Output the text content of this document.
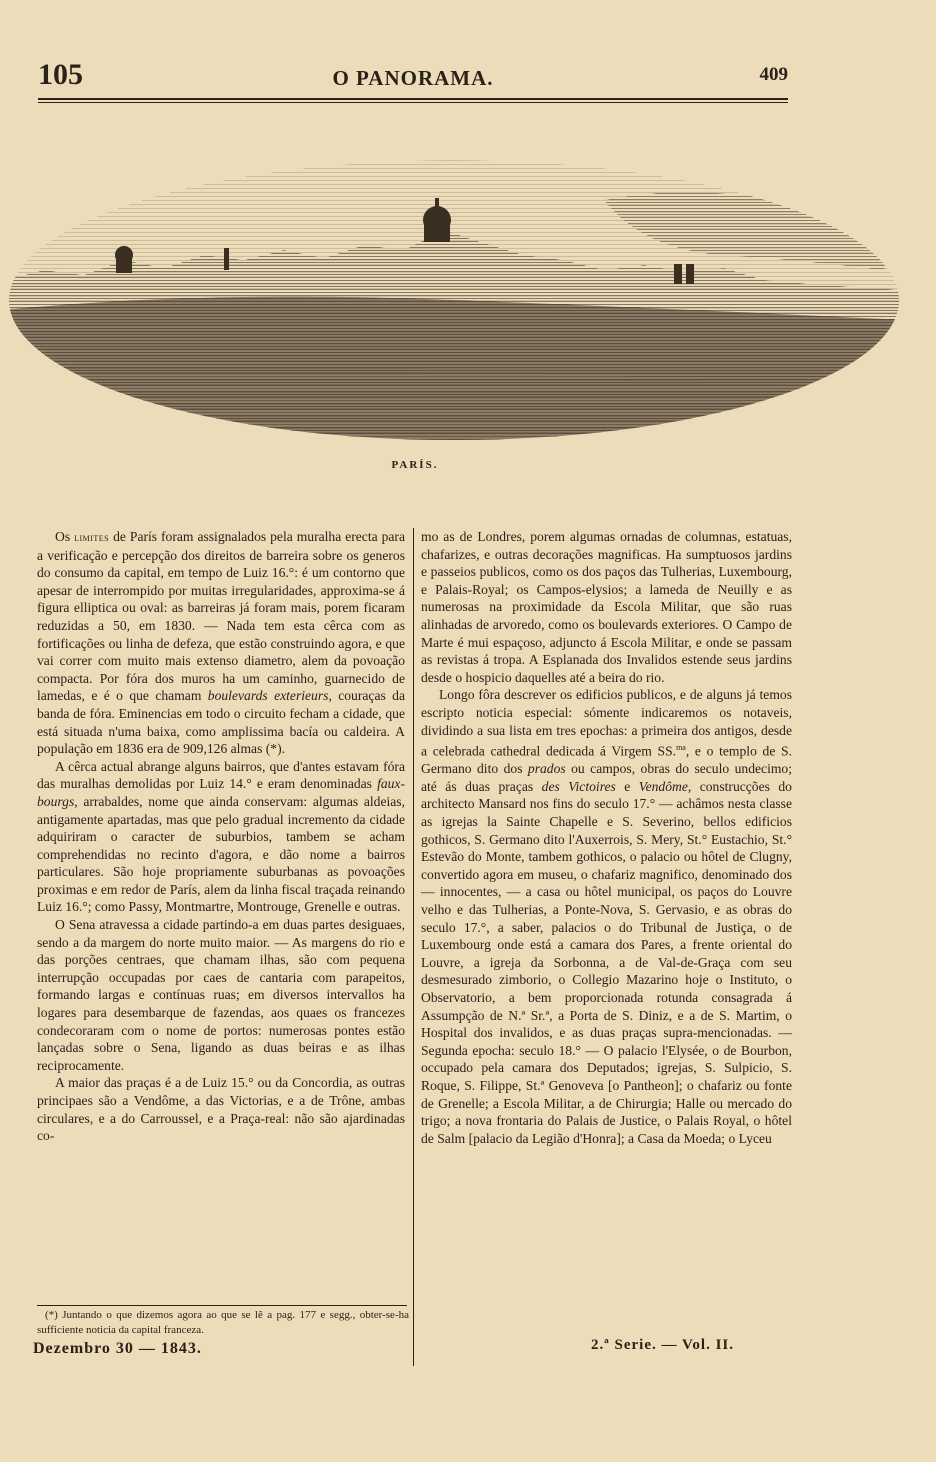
105	O PANORAMA.	409
PARÍS.

Os limites de París foram assignalados pela muralha erecta para a verificação e percepção dos direitos de barreira sobre os generos do consumo da capital, em tempo de Luiz 16.°: é um contorno que apesar de interrompido por muitas irregularidades, approxima-se á figura elliptica ou oval: as barreiras já foram mais, porem ficaram reduzidas a 50, em 1830. — Nada tem esta cêrca com as fortificações ou linha de defeza, que estão construindo agora, e que vai correr com muito mais extenso diametro, alem da povoação compacta. Por fóra dos muros ha um caminho, guarnecido de lamedas, e é o que chamam boulevards exterieurs, couraças da banda de fóra. Eminencias em todo o circuito fecham a cidade, que está situada n'uma baixa, como amplissima bacía ou caldeira. A população em 1836 era de 909,126 almas (*).

A cêrca actual abrange alguns bairros, que d'antes estavam fóra das muralhas demolidas por Luiz 14.° e eram denominadas faux-bourgs, arrabaldes, nome que ainda conservam: algumas aldeias, antigamente apartadas, mas que pelo gradual incremento da cidade adquiriram o caracter de suburbios, tambem se acham comprehendidas no recinto d'agora, e dão nome a bairros particulares. São hoje propriamente suburbanas as povoações proximas e em redor de París, alem da linha fiscal traçada reinando Luiz 16.°; como Passy, Montmartre, Montrouge, Grenelle e outras.

O Sena atravessa a cidade partindo-a em duas partes desiguaes, sendo a da margem do norte muito maior. — As margens do rio e das porções centraes, que chamam ilhas, são com pequena interrupção occupadas por caes de cantaria com parapeitos, formando largas e contínuas ruas; em diversos intervallos ha logares para desembarque de fazendas, aos quaes os francezes condecoraram com o nome de portos: numerosas pontes estão lançadas sobre o Sena, ligando as duas beiras e as ilhas reciprocamente.

A maior das praças é a de Luiz 15.° ou da Concordia, as outras principaes são a Vendôme, a das Victorias, e a de Trône, ambas circulares, e a do Carroussel, e a Praça-real: não são ajardinadas co-

mo as de Londres, porem algumas ornadas de columnas, estatuas, chafarizes, e outras decorações magnificas. Ha sumptuosos jardins e passeios publicos, como os dos paços das Tulherias, Luxembourg, e Palais-Royal; os Campos-elysios; a lameda de Neuilly e as numerosas na proximidade da Escola Militar, que são ruas alinhadas de arvoredo, como os boulevards exteriores. O Campo de Marte é mui espaçoso, adjuncto á Escola Militar, e onde se passam as revistas á tropa. A Esplanada dos Invalidos estende seus jardins desde o hospicio daquelles até a beira do rio.

Longo fôra descrever os edificios publicos, e de alguns já temos escripto noticia especial: sómente indicaremos os notaveis, dividindo a sua lista em tres epochas: a primeira dos antigos, desde a celebrada cathedral dedicada á Virgem SS.$^{ma}$, e o templo de S. Germano dito dos prados ou campos, obras do seculo undecimo; até ás duas praças des Victoires e Vendôme, construcções do architecto Mansard nos fins do seculo 17.° — achâmos nesta classe as igrejas la Sainte Chapelle e S. Severino, bellos edificios gothicos, S. Germano dito l'Auxerrois, S. Mery, St.° Eustachio, St.° Estevão do Monte, tambem gothicos, o palacio ou hôtel de Clugny, convertido agora em museu, o chafariz magnifico, denominado dos — innocentes, — a casa ou hôtel municipal, os paços do Louvre velho e das Tulherias, a Ponte-Nova, S. Gervasio, e as obras do seculo 17.°, a saber, palacios o do Tribunal de Justiça, o de Luxembourg onde está a camara dos Pares, a frente oriental do Louvre, a igreja da Sorbonna, a de Val-de-Graça com seu desmesurado zimborio, o Collegio Mazarino hoje o Instituto, o Observatorio, a bem proporcionada rotunda consagrada á Assumpção de N.ª Sr.ª, a Porta de S. Diniz, e a de S. Martim, o Hospital dos invalidos, e as duas praças supra-mencionadas. — Segunda epocha: seculo 18.° — O palacio l'Elysée, o de Bourbon, occupado pela camara dos Deputados; igrejas, S. Sulpicio, S. Roque, S. Filippe, St.ª Genoveva [o Pantheon]; o chafariz ou fonte de Grenelle; a Escola Militar, a de Chirurgia; Halle ou mercado do trigo; a nova frontaria do Palais de Justice, o Palais Royal, o hôtel de Salm [palacio da Legião d'Honra]; a Casa da Moeda; o Lyceu

(*) Juntando o que dizemos agora ao que se lê a pag. 177 e segg., obter-se-ha sufficiente noticia da capital franceza.

Dezembro 30 — 1843.	2.ª Serie. — Vol. II.
